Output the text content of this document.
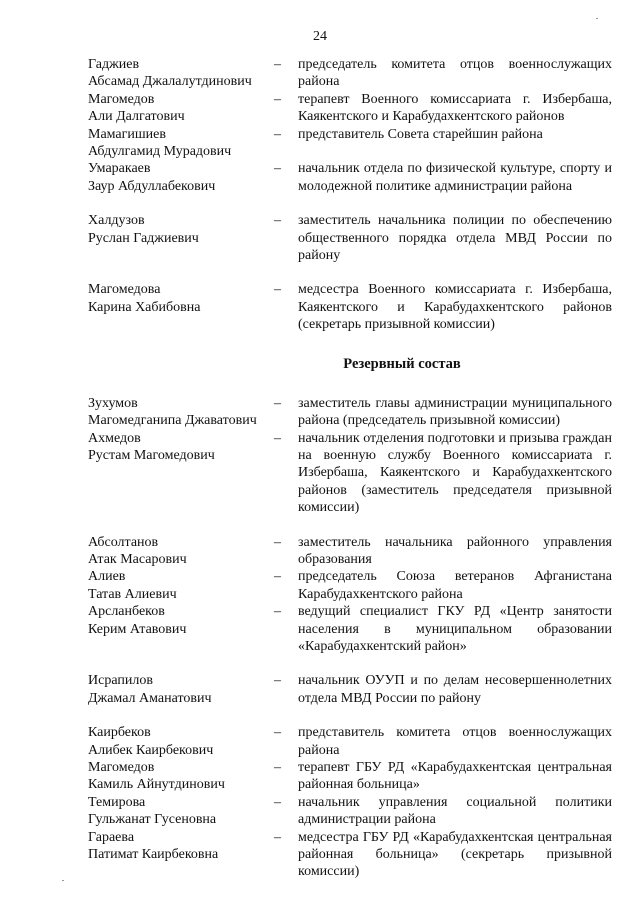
24
Гаджиев
Абсамад Джалалутдинович
–	председатель комитета отцов военнослужащих района
Магомедов
Али Далгатович
–	терапевт Военного комиссариата г. Избербаша, Каякентского и Карабудахкентского районов
Мамагишиев
Абдулгамид Мурадович
–	представитель Совета старейшин района
Умаракаев
Заур Абдуллабекович
–	начальник отдела по физической культуре, спорту и молодежной политике администрации района
Халдузов
Руслан Гаджиевич
–	заместитель начальника полиции по обеспечению общественного порядка отдела МВД России по району
Магомедова
Карина Хабибовна
–	медсестра Военного комиссариата г. Избербаша, Каякентского и Карабудахкентского районов (секретарь призывной комиссии)
Резервный состав
Зухумов
Магомедганипа Джаватович
–	заместитель главы администрации муниципального района (председатель призывной комиссии)
Ахмедов
Рустам Магомедович
–	начальник отделения подготовки и призыва граждан на военную службу Военного комиссариата г. Избербаша, Каякентского и Карабудахкентского районов (заместитель председателя призывной комиссии)
Абсолтанов
Атак Масарович
–	заместитель начальника районного управления образования
Алиев
Татав Алиевич
–	председатель Союза ветеранов Афганистана Карабудахкентского района
Арсланбеков
Керим Атавович
–	ведущий специалист ГКУ РД «Центр занятости населения в муниципальном образовании «Карабудахкентский район»
Исрапилов
Джамал Аманатович
–	начальник ОУУП и по делам несовершеннолетних отдела МВД России по району
Каирбеков
Алибек Каирбекович
–	представитель комитета отцов военнослужащих района
Магомедов
Камиль Айнутдинович
–	терапевт ГБУ РД «Карабудахкентская центральная районная больница»
Темирова
Гульжанат Гусеновна
–	начальник управления социальной политики администрации района
Гараева
Патимат Каирбековна
–	медсестра ГБУ РД «Карабудахкентская центральная районная больница» (секретарь призывной комиссии)
